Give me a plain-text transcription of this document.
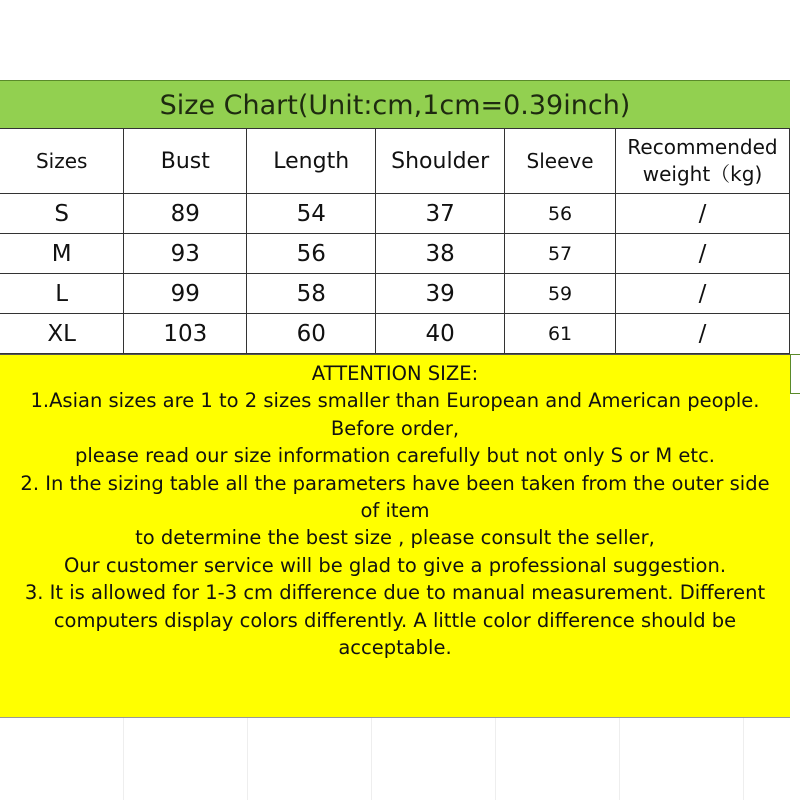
Size Chart(Unit:cm,1cm=0.39inch)
Sizes	Bust	Length	Shoulder	Sleeve	Recommended weight（kg)
S	89	54	37	56	/
M	93	56	38	57	/
L	99	58	39	59	/
XL	103	60	40	61	/
ATTENTION SIZE:
1.Asian sizes are 1 to 2 sizes smaller than European and American people. Before order,
please read our size information carefully but not only S or M etc.
2. In the sizing table all the parameters have been taken from the outer side of item
to determine the best size , please consult the seller,
Our customer service will be glad to give a professional suggestion.
3. It is allowed for 1-3 cm difference due to manual measurement. Different
computers display colors differently. A little color difference should be acceptable.
